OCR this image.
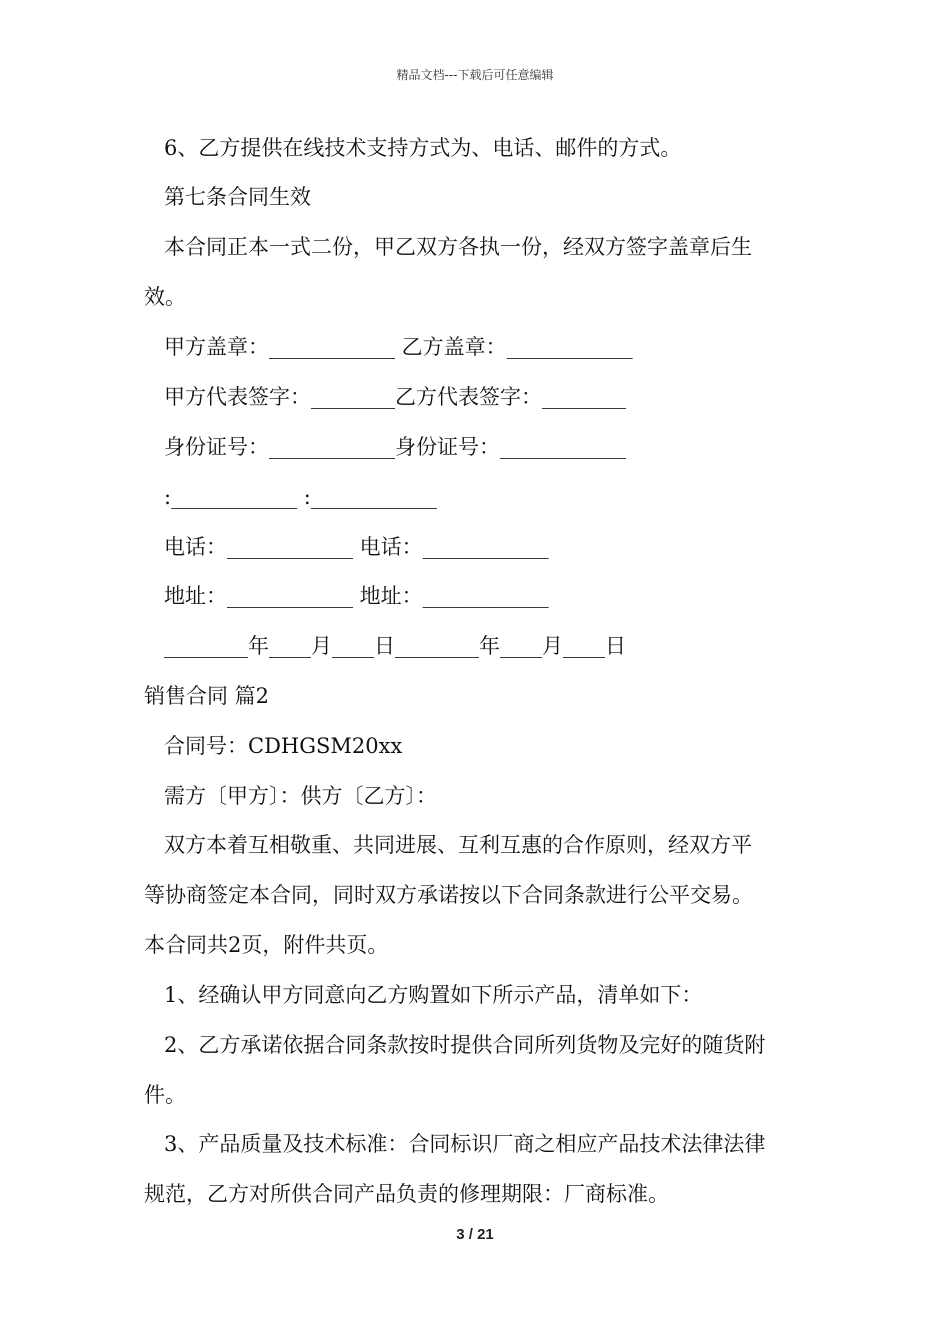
精品文档---下载后可任意编辑
6、乙方提供在线技术支持方式为、电话、邮件的方式。
第七条合同生效
本合同正本一式二份，甲乙双方各执一份，经双方签字盖章后生
效。
甲方盖章：____________ 乙方盖章：____________
甲方代表签字：________乙方代表签字：________
身份证号：____________身份证号：____________
:____________ :____________
电话：____________ 电话：____________
地址：____________ 地址：____________
________年____月____日________年____月____日
销售合同 篇2
合同号：CDHGSM20xx
需方〔甲方〕：供方〔乙方〕：
双方本着互相敬重、共同进展、互利互惠的合作原则，经双方平
等协商签定本合同，同时双方承诺按以下合同条款进行公平交易。
本合同共2页，附件共页。
1、经确认甲方同意向乙方购置如下所示产品，清单如下：
2、乙方承诺依据合同条款按时提供合同所列货物及完好的随货附
件。
3、产品质量及技术标准：合同标识厂商之相应产品技术法律法律
规范，乙方对所供合同产品负责的修理期限：厂商标准。
3 / 21
